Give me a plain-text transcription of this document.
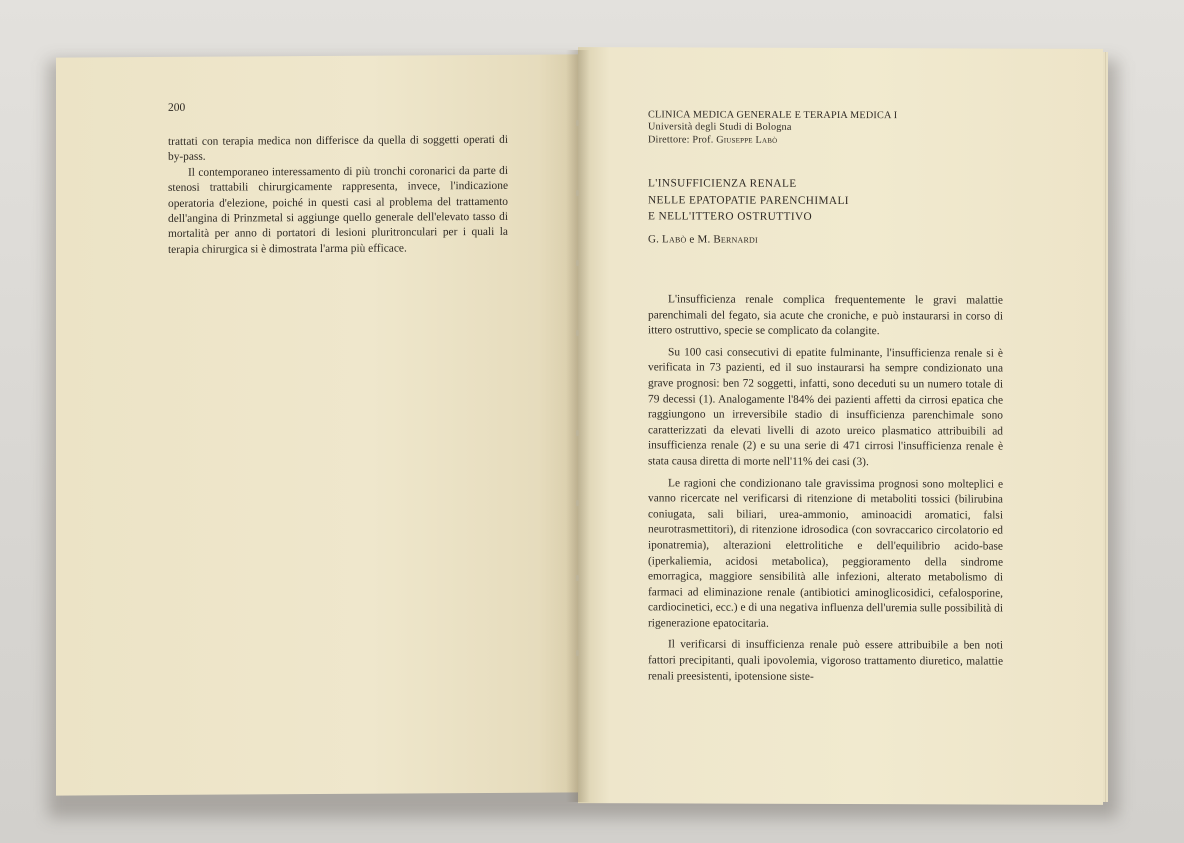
200

trattati con terapia medica non differisce da quella di soggetti operati di by-pass.

Il contemporaneo interessamento di più tronchi coronarici da parte di stenosi trattabili chirurgicamente rappresenta, invece, l'indicazione operatoria d'elezione, poiché in questi casi al problema del trattamento dell'angina di Prinzmetal si aggiunge quello generale dell'elevato tasso di mortalità per anno di portatori di lesioni pluritronculari per i quali la terapia chirurgica si è dimostrata l'arma più efficace.

CLINICA MEDICA GENERALE E TERAPIA MEDICA I
Università degli Studi di Bologna
Direttore: Prof. Giuseppe Labò
L'INSUFFICIENZA RENALE
NELLE EPATOPATIE PARENCHIMALI
E NELL'ITTERO OSTRUTTIVO
G. Labò e M. Bernardi

L'insufficienza renale complica frequentemente le gravi malattie parenchimali del fegato, sia acute che croniche, e può instaurarsi in corso di ittero ostruttivo, specie se complicato da colangite.

Su 100 casi consecutivi di epatite fulminante, l'insufficienza renale si è verificata in 73 pazienti, ed il suo instaurarsi ha sempre condizionato una grave prognosi: ben 72 soggetti, infatti, sono deceduti su un numero totale di 79 decessi (1). Analogamente l'84% dei pazienti affetti da cirrosi epatica che raggiungono un irreversibile stadio di insufficienza parenchimale sono caratterizzati da elevati livelli di azoto ureico plasmatico attribuibili ad insufficienza renale (2) e su una serie di 471 cirrosi l'insufficienza renale è stata causa diretta di morte nell'11% dei casi (3).

Le ragioni che condizionano tale gravissima prognosi sono molteplici e vanno ricercate nel verificarsi di ritenzione di metaboliti tossici (bilirubina coniugata, sali biliari, urea-ammonio, aminoacidi aromatici, falsi neurotrasmettitori), di ritenzione idrosodica (con sovraccarico circolatorio ed iponatremia), alterazioni elettrolitiche e dell'equilibrio acido-base (iperkaliemia, acidosi metabolica), peggioramento della sindrome emorragica, maggiore sensibilità alle infezioni, alterato metabolismo di farmaci ad eliminazione renale (antibiotici aminoglicosidici, cefalosporine, cardiocinetici, ecc.) e di una negativa influenza dell'uremia sulle possibilità di rigenerazione epatocitaria.

Il verificarsi di insufficienza renale può essere attribuibile a ben noti fattori precipitanti, quali ipovolemia, vigoroso trattamento diuretico, malattie renali preesistenti, ipotensione siste-
